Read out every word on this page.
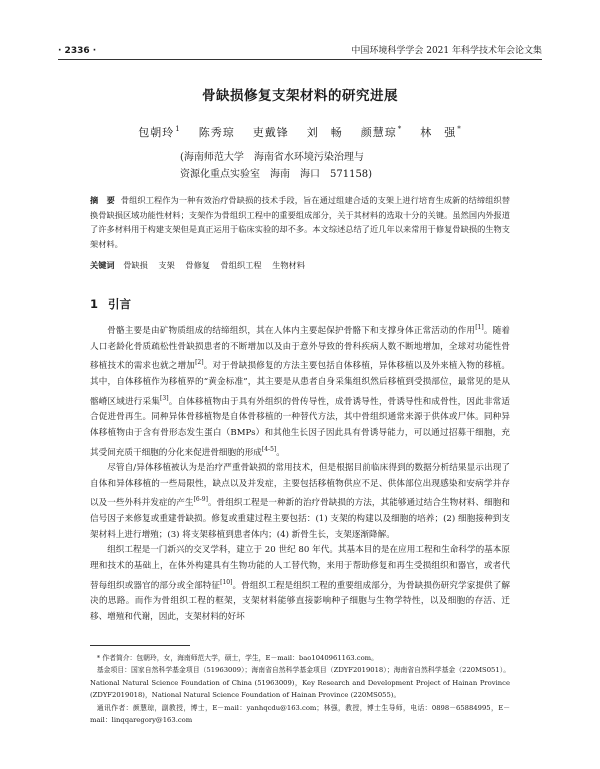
· 2336 ·	中国环境科学学会 2021 年科学技术年会论文集
骨缺损修复支架材料的研究进展
包朝玲$^1$ 陈秀琼 吏戴锋 刘　畅 颜慧琼* 林　强*
(海南师范大学　海南省水环境污染治理与
资源化重点实验室　海南　海口　571158)
摘　要 骨组织工程作为一种有效治疗骨缺损的技术手段，旨在通过组建合适的支架上进行培育生成新的结缔组织替换骨缺损区域功能性材料；支架作为骨组织工程中的重要组成部分，关于其材料的选取十分的关键。虽然国内外报道了许多材料用于构建支架但是真正运用于临床实验的却不多。本文综述总结了近几年以来常用于修复骨缺损的生物支架材料。
关键词 骨缺损 支架 骨修复 骨组织工程 生物材料
1 引言

骨骼主要是由矿物质组成的结缔组织，其在人体内主要起保护骨骼下和支撑身体正常活动的作用[1]。随着人口老龄化骨质疏松性骨缺损患者的不断增加以及由于意外导致的骨科疾病人数不断地增加，全球对功能性骨移植技术的需求也就之增加[2]。对于骨缺损修复的方法主要包括自体移植，异体移植以及外来植入物的移植。其中，自体移植作为移植界的“黄金标准”，其主要是从患者自身采集组织然后移植到受损部位，最常见的是从髂嵴区域进行采集[3]。自体移植物由于具有外组织的骨传导性，成骨诱导性，骨诱导性和成骨性，因此非常适合促进骨再生。同种异体骨移植物是自体骨移植的一种替代方法，其中骨组织通常来源于供体或尸体。同种异体移植物由于含有骨形态发生蛋白（BMPs）和其他生长因子因此具有骨诱导能力，可以通过招募干细胞，充其受间充质干细胞的分化来促进骨细胞的形成[4-5]。

尽管自/异体移植被认为是治疗严重骨缺损的常用技术，但是根据目前临床得到的数据分析结果显示出现了自体和异体移植的一些局限性，缺点以及并发症，主要包括移植物供应不足、供体部位出现感染和安病学并存以及一些外科并发症的产生[6-9]。骨组织工程是一种新的治疗骨缺损的方法，其能够通过结合生物材料、细胞和信号因子来修复或重建骨缺损。修复或重建过程主要包括：(1) 支架的构建以及细胞的培养；(2) 细胞接种到支架材料上进行增殖；(3) 将支架移植到患者体内；(4) 新骨生长，支架逐渐降解。

组织工程是一门新兴的交叉学科，建立于 20 世纪 80 年代。其基本目的是在应用工程和生命科学的基本原理和技术的基础上，在体外构建具有生物功能的人工替代物，来用于帮助修复和再生受损组织和器官，或者代替每组织或器官的部分或全部特征[10]。骨组织工程是组织工程的重要组成部分，为骨缺损伤研究学家提供了解决的思路。而作为骨组织工程的框架，支架材料能够直接影响种子细胞与生物学特性，以及细胞的存活、迁移、增殖和代谢，因此，支架材料的好坏

* 作者简介：包朝玲，女，海南师范大学，硕士，学生，E－mail：bao1040961163.com。

基金项目：国家自然科学基金项目（51963009）；海南省自然科学基金项目（ZDYF2019018）；海南省自然科学基金（220MS051）。National Natural Science Foundation of China (51963009)，Key Research and Development Project of Hainan Province (ZDYF2019018)，National Natural Science Foundation of Hainan Province (220MS055)。

通讯作者：颜慧琼，副教授，博士，E－mail：yanhqcdu@163.com；林强，教授，博士生导师，电话：0898－65884995，E－mail：linqqaregory@163.com
